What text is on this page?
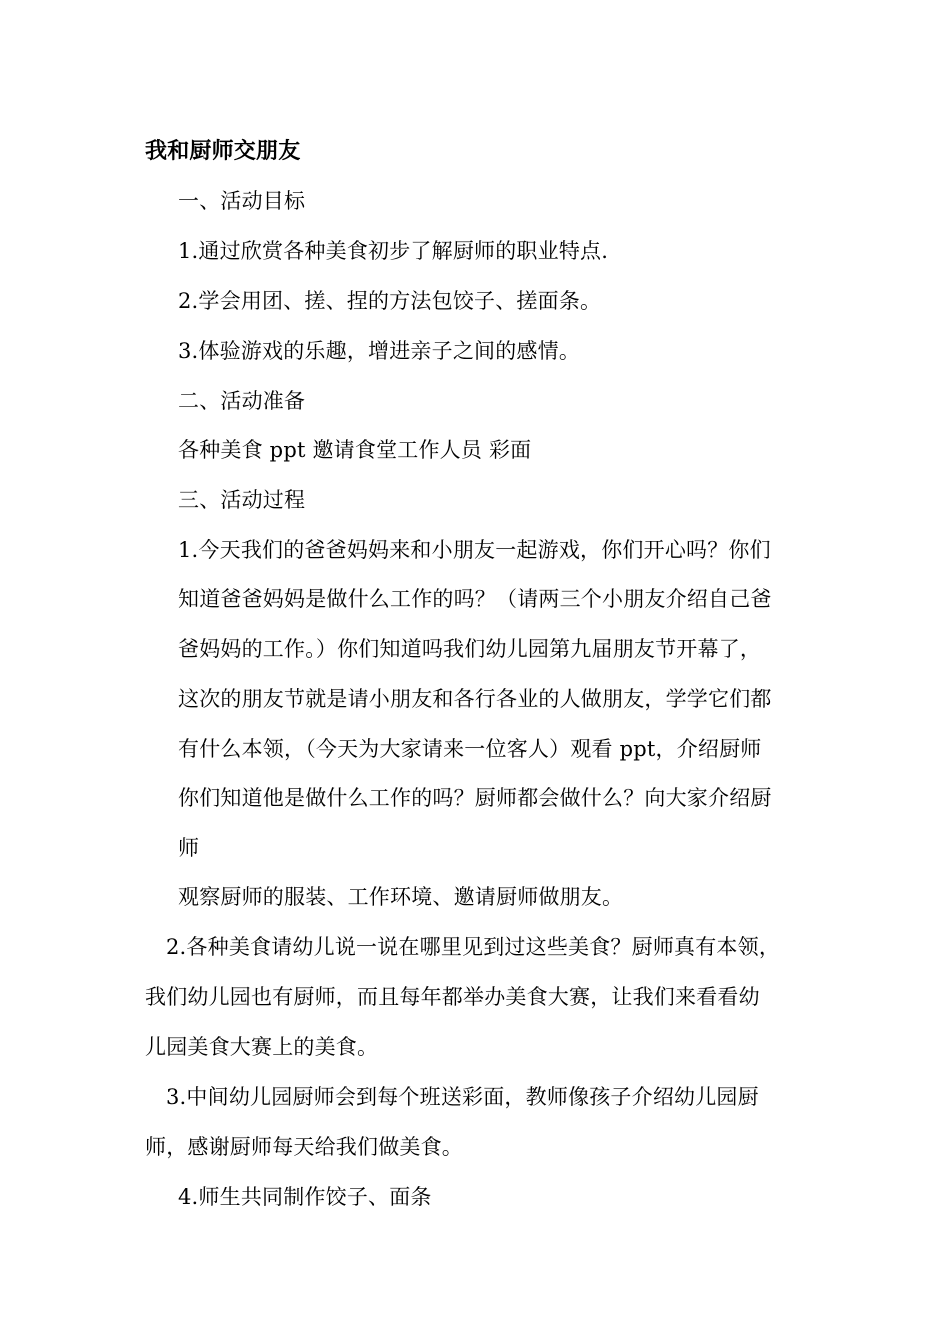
我和厨师交朋友

一、活动目标

1.通过欣赏各种美食初步了解厨师的职业特点.

2.学会用团、搓、捏的方法包饺子、搓面条。

3.体验游戏的乐趣，增进亲子之间的感情。

二、活动准备

各种美食 ppt 邀请食堂工作人员 彩面

三、活动过程

1.今天我们的爸爸妈妈来和小朋友一起游戏，你们开心吗？你们

知道爸爸妈妈是做什么工作的吗？（请两三个小朋友介绍自己爸

爸妈妈的工作。）你们知道吗我们幼儿园第九届朋友节开幕了，

这次的朋友节就是请小朋友和各行各业的人做朋友，学学它们都

有什么本领，（今天为大家请来一位客人）观看 ppt，介绍厨师

你们知道他是做什么工作的吗？厨师都会做什么？向大家介绍厨

师

观察厨师的服装、工作环境、邀请厨师做朋友。

2.各种美食请幼儿说一说在哪里见到过这些美食？厨师真有本领，

我们幼儿园也有厨师，而且每年都举办美食大赛，让我们来看看幼

儿园美食大赛上的美食。

3.中间幼儿园厨师会到每个班送彩面，教师像孩子介绍幼儿园厨

师，感谢厨师每天给我们做美食。

4.师生共同制作饺子、面条
